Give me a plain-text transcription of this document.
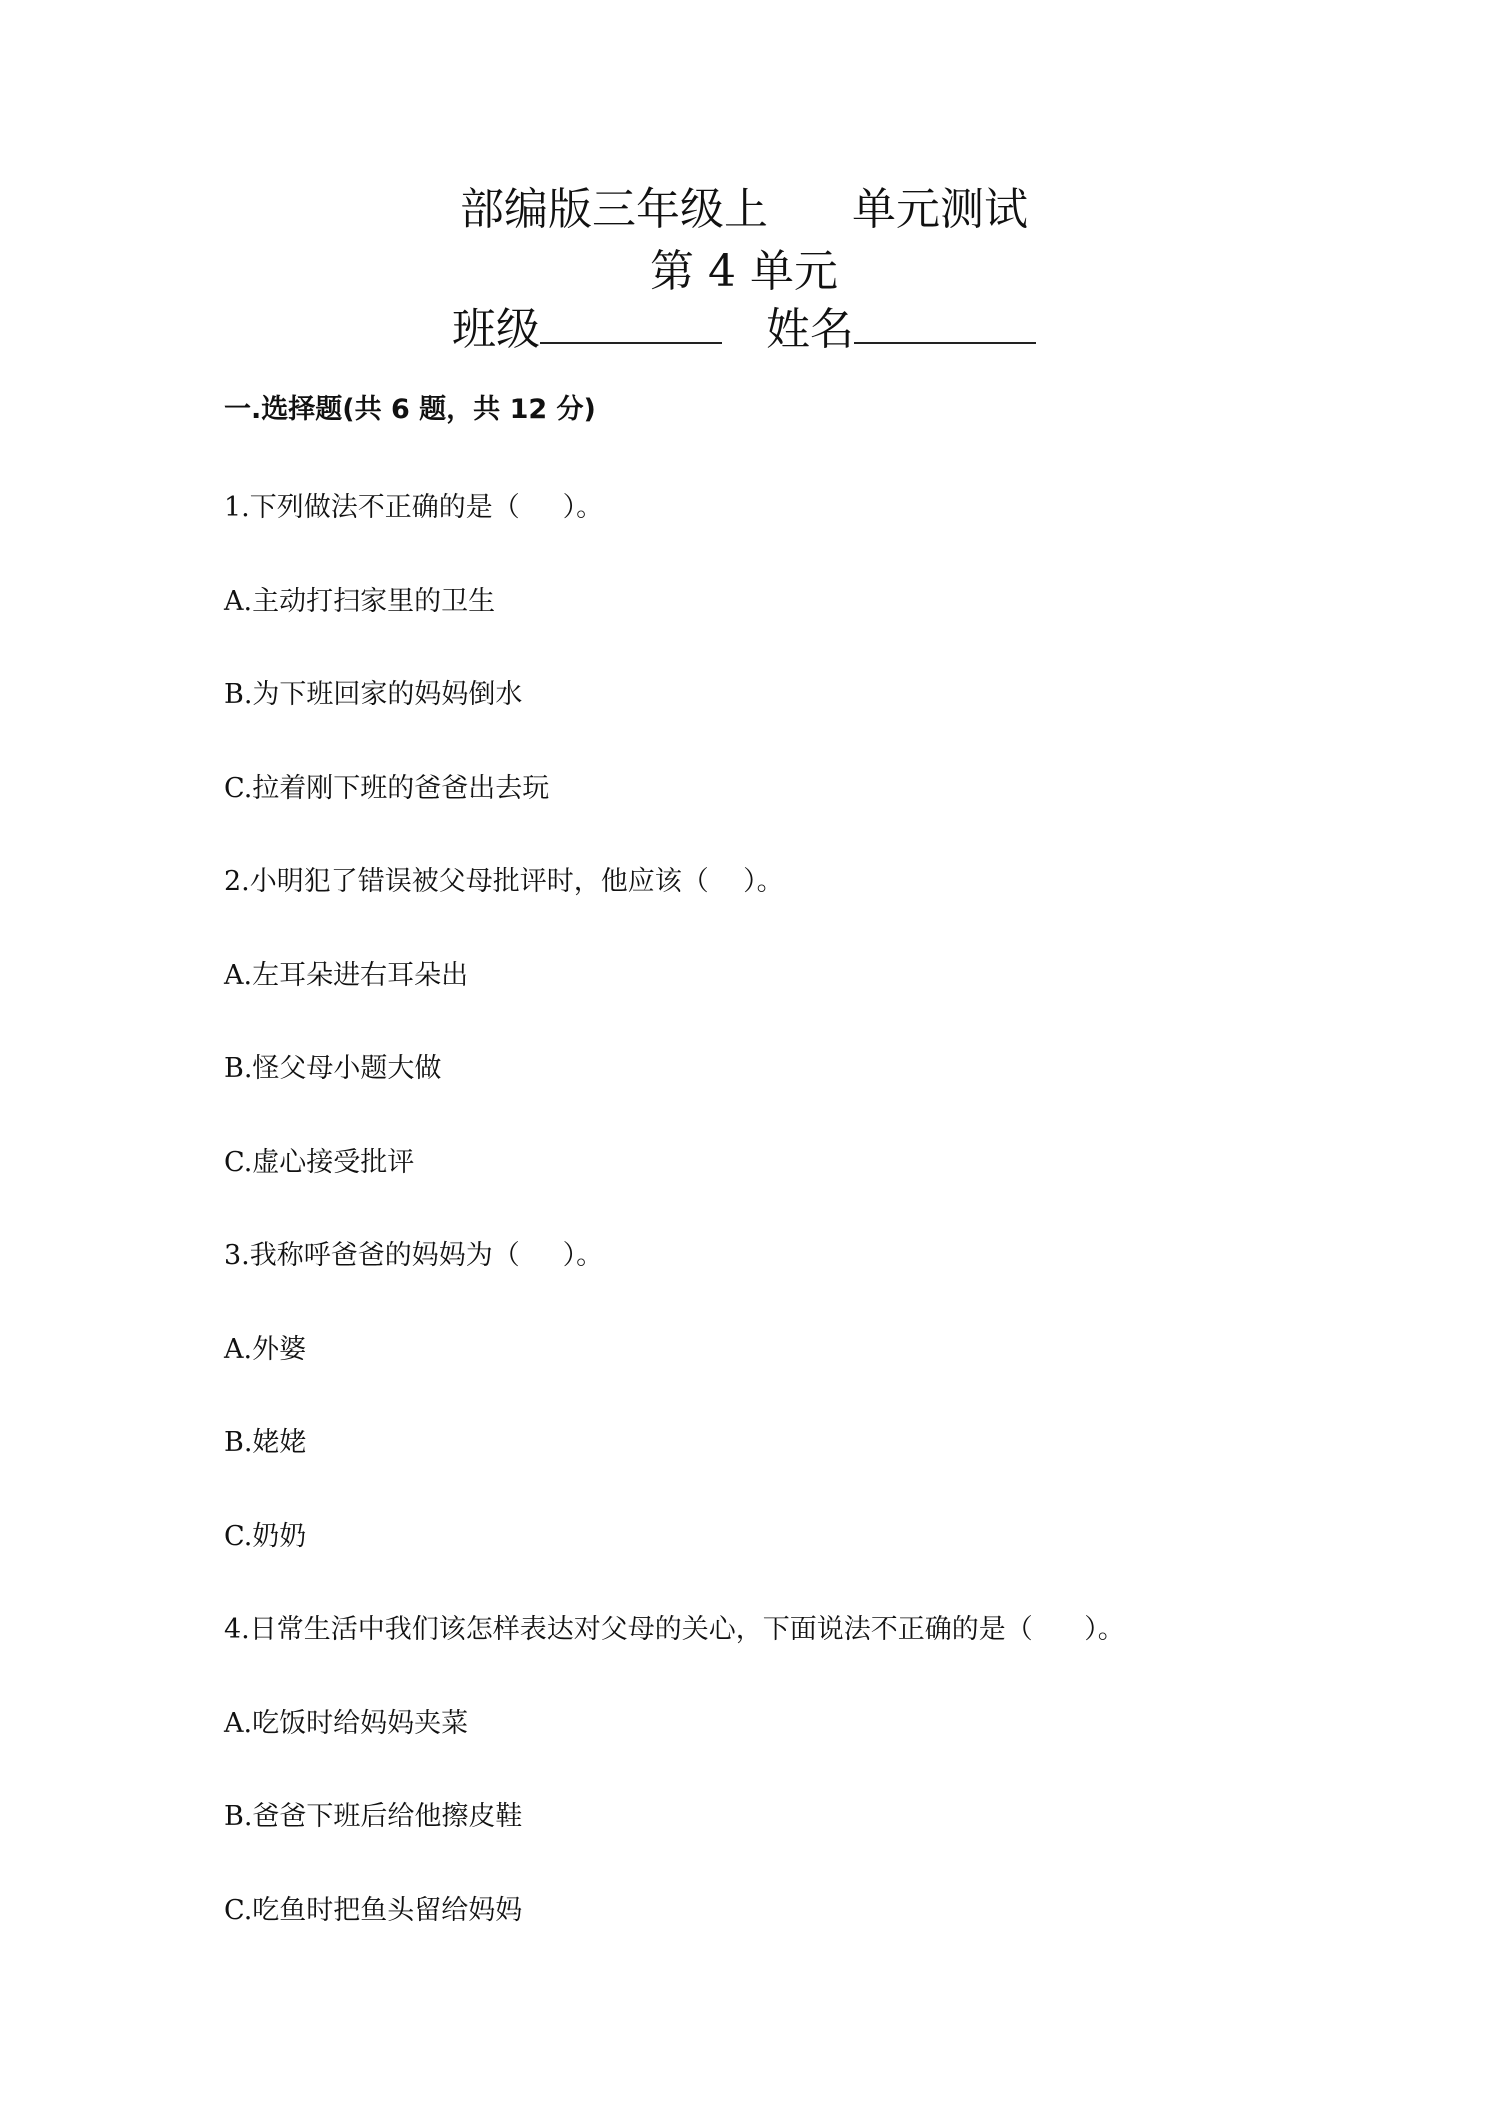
部编版三年级上      单元测试
第 4 单元
班级	姓名
一.选择题(共 6 题，共 12 分)
1.下列做法不正确的是（     ）。
A.主动打扫家里的卫生
B.为下班回家的妈妈倒水
C.拉着刚下班的爸爸出去玩
2.小明犯了错误被父母批评时，他应该（    ）。
A.左耳朵进右耳朵出
B.怪父母小题大做
C.虚心接受批评
3.我称呼爸爸的妈妈为（     ）。
A.外婆
B.姥姥
C.奶奶
4.日常生活中我们该怎样表达对父母的关心，下面说法不正确的是（      ）。
A.吃饭时给妈妈夹菜
B.爸爸下班后给他擦皮鞋
C.吃鱼时把鱼头留给妈妈
